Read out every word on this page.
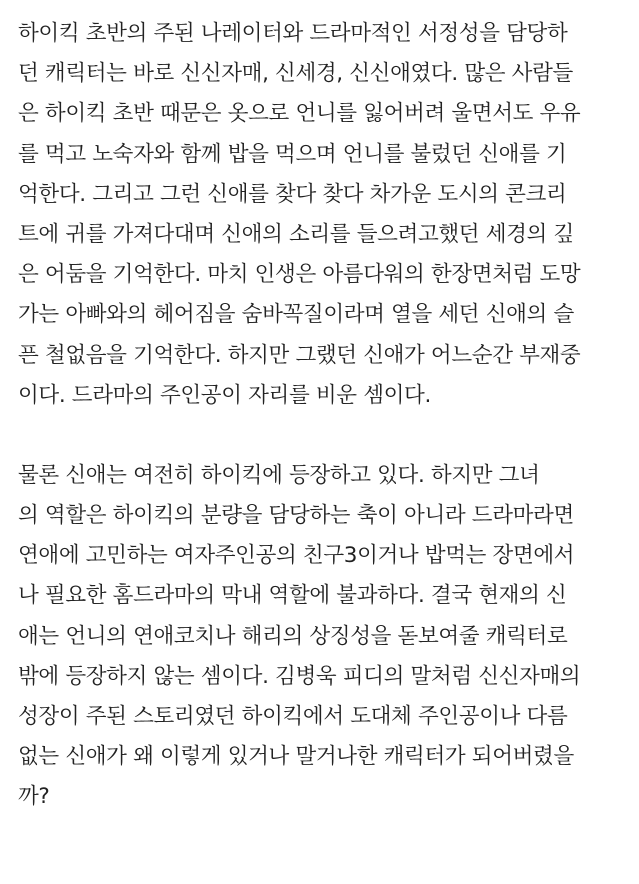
하이킥 초반의 주된 나레이터와 드라마적인 서정성을 담당하
던 캐릭터는 바로 신신자매, 신세경, 신신애였다. 많은 사람들
은 하이킥 초반 때문은 옷으로 언니를 잃어버려 울면서도 우유
를 먹고 노숙자와 함께 밥을 먹으며 언니를 불렀던 신애를 기
억한다. 그리고 그런 신애를 찾다 찾다 차가운 도시의 콘크리
트에 귀를 가져다대며 신애의 소리를 들으려고했던 세경의 깊
은 어둠을 기억한다. 마치 인생은 아름다워의 한장면처럼 도망
가는 아빠와의 헤어짐을 숨바꼭질이라며 열을 세던 신애의 슬
픈 철없음을 기억한다. 하지만 그랬던 신애가 어느순간 부재중
이다. 드라마의 주인공이 자리를 비운 셈이다.
물론 신애는 여전히 하이킥에 등장하고 있다. 하지만 그녀
의 역할은 하이킥의 분량을 담당하는 축이 아니라 드라마라면
연애에 고민하는 여자주인공의 친구3이거나 밥먹는 장면에서
나 필요한 홈드라마의 막내 역할에 불과하다. 결국 현재의 신
애는 언니의 연애코치나 해리의 상징성을 돋보여줄 캐릭터로
밖에 등장하지 않는 셈이다. 김병욱 피디의 말처럼 신신자매의
성장이 주된 스토리였던 하이킥에서 도대체 주인공이나 다름
없는 신애가 왜 이렇게 있거나 말거나한 캐릭터가 되어버렸을
까?
